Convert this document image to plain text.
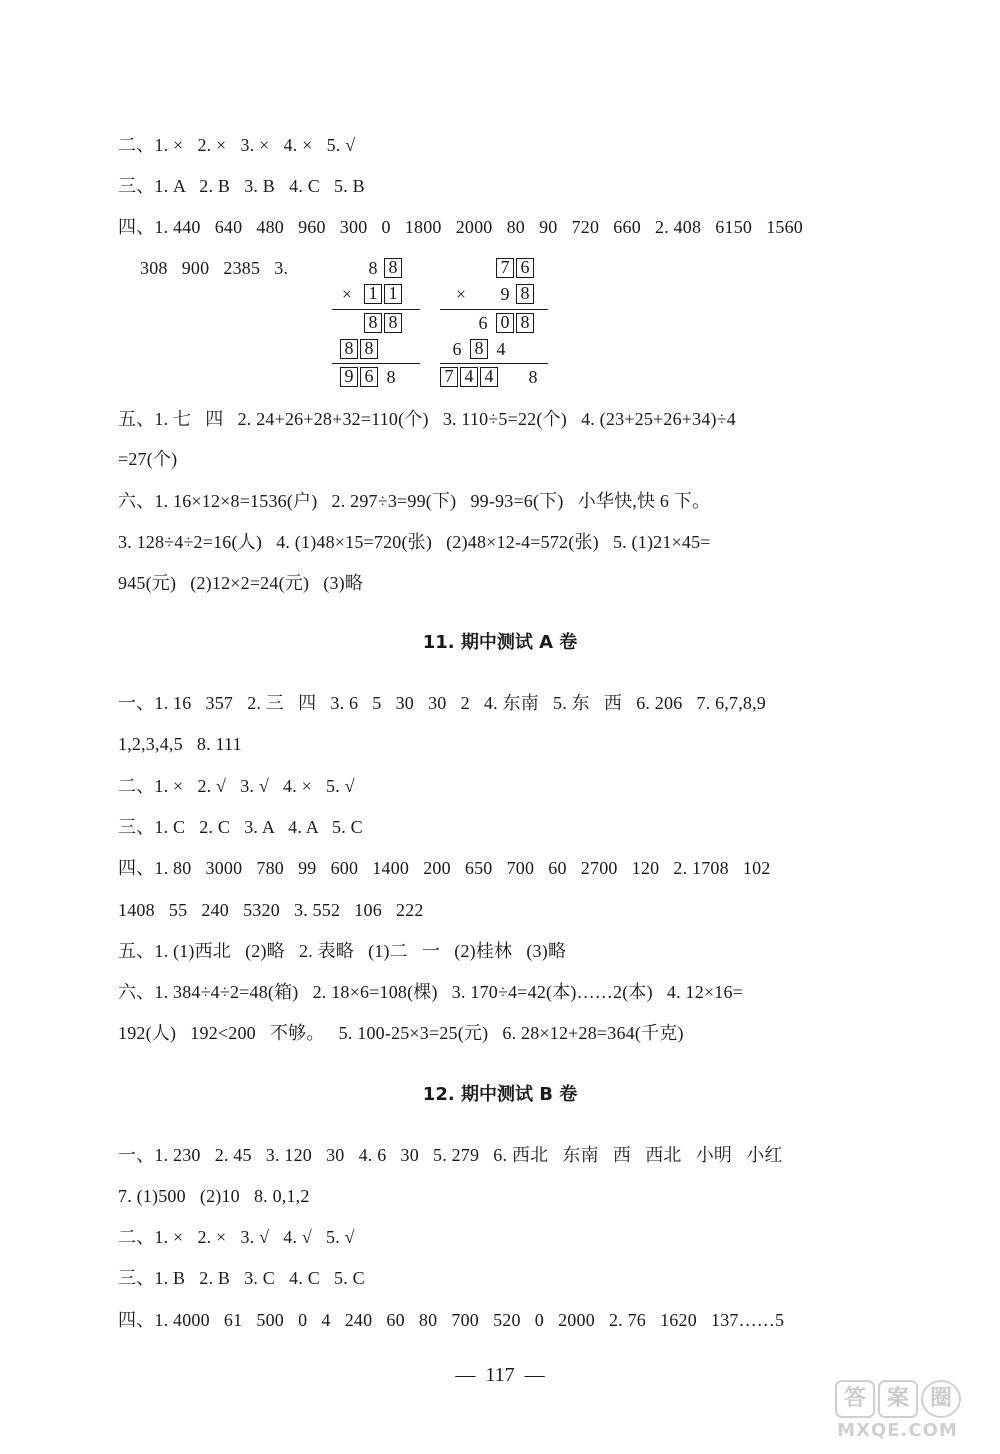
二、1. ×   2. ×   3. ×   4. ×   5. √
三、1. A   2. B   3. B   4. C   5. B
四、1. 440   640   480   960   300   0   1800   2000   80   90   720   660   2. 408   6150   1560
308   900   2385   3.	8 8
× 1 1
8 8
8 8
9 6 8
7 6
× 9 8
6 0 8
6 8 4
7 4 4 8
五、1. 七   四   2. 24+26+28+32=110(个)   3. 110÷5=22(个)   4. (23+25+26+34)÷4
=27(个)
六、1. 16×12×8=1536(户)   2. 297÷3=99(下)   99-93=6(下)   小华快,快 6 下。
3. 128÷4÷2=16(人)   4. (1)48×15=720(张)   (2)48×12-4=572(张)   5. (1)21×45=
945(元)   (2)12×2=24(元)   (3)略
11. 期中测试 A 卷
一、1. 16   357   2. 三   四   3. 6   5   30   30   2   4. 东南   5. 东   西   6. 206   7. 6,7,8,9
1,2,3,4,5   8. 111
二、1. ×   2. √   3. √   4. ×   5. √
三、1. C   2. C   3. A   4. A   5. C
四、1. 80   3000   780   99   600   1400   200   650   700   60   2700   120   2. 1708   102
1408   55   240   5320   3. 552   106   222
五、1. (1)西北   (2)略   2. 表略   (1)二   一   (2)桂林   (3)略
六、1. 384÷4÷2=48(箱)   2. 18×6=108(棵)   3. 170÷4=42(本)……2(本)   4. 12×16=
192(人)   192<200   不够。   5. 100-25×3=25(元)   6. 28×12+28=364(千克)
12. 期中测试 B 卷
一、1. 230   2. 45   3. 120   30   4. 6   30   5. 279   6. 西北   东南   西   西北   小明   小红
7. (1)500   (2)10   8. 0,1,2
二、1. ×   2. ×   3. √   4. √   5. √
三、1. B   2. B   3. C   4. C   5. C
四、1. 4000   61   500   0   4   240   60   80   700   520   0   2000   2. 76   1620   137……5
—  117  —
答 案 圈
MXQE.COM
